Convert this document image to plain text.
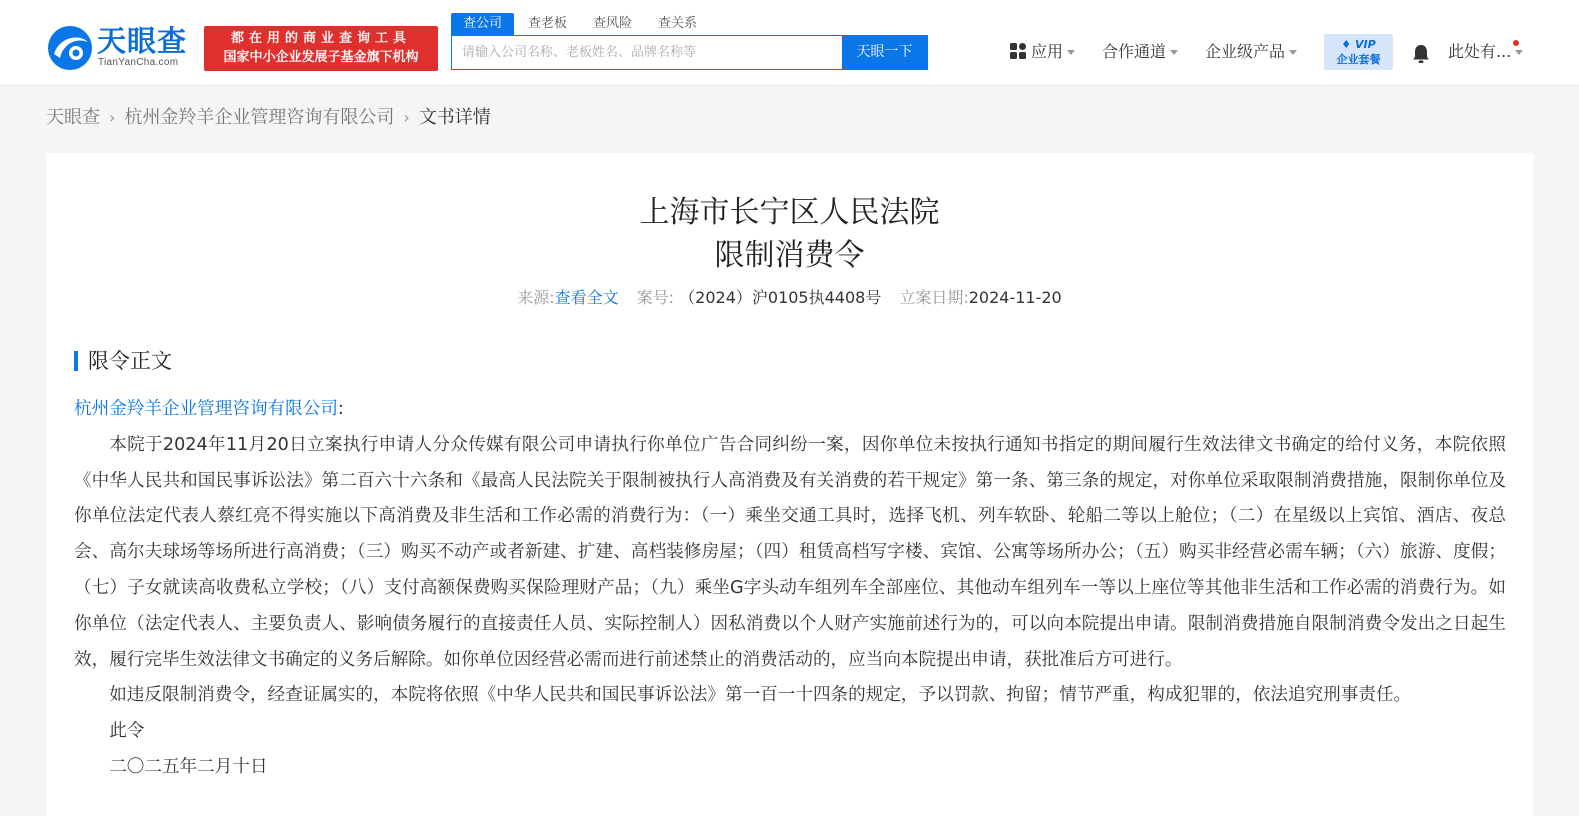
天眼查
TianYanCha.com
都在用的商业查询工具
国家中小企业发展子基金旗下机构
查公司	查老板 查风险 查关系
请输入公司名称、老板姓名、品牌名称等
天眼一下	应用	合作通道	企业级产品	♦ VIP
企业套餐	此处有...
天眼查 › 杭州金羚羊企业管理咨询有限公司 › 文书详情
上海市长宁区人民法院
限制消费令
来源:查看全文 案号: （2024）沪0105执4408号 立案日期:2024-11-20
限令正文

杭州金羚羊企业管理咨询有限公司:

本院于2024年11月20日立案执行申请人分众传媒有限公司申请执行你单位广告合同纠纷一案，因你单位未按执行通知书指定的期间履行生效法律文书确定的给付义务，本院依照《中华人民共和国民事诉讼法》第二百六十六条和《最高人民法院关于限制被执行人高消费及有关消费的若干规定》第一条、第三条的规定，对你单位采取限制消费措施，限制你单位及你单位法定代表人蔡红亮不得实施以下高消费及非生活和工作必需的消费行为：（一）乘坐交通工具时，选择飞机、列车软卧、轮船二等以上舱位；（二）在星级以上宾馆、酒店、夜总会、高尔夫球场等场所进行高消费；（三）购买不动产或者新建、扩建、高档装修房屋；（四）租赁高档写字楼、宾馆、公寓等场所办公；（五）购买非经营必需车辆；（六）旅游、度假；（七）子女就读高收费私立学校；（八）支付高额保费购买保险理财产品；（九）乘坐G字头动车组列车全部座位、其他动车组列车一等以上座位等其他非生活和工作必需的消费行为。如你单位（法定代表人、主要负责人、影响债务履行的直接责任人员、实际控制人）因私消费以个人财产实施前述行为的，可以向本院提出申请。限制消费措施自限制消费令发出之日起生效，履行完毕生效法律文书确定的义务后解除。如你单位因经营必需而进行前述禁止的消费活动的，应当向本院提出申请，获批准后方可进行。

如违反限制消费令，经查证属实的，本院将依照《中华人民共和国民事诉讼法》第一百一十四条的规定，予以罚款、拘留；情节严重，构成犯罪的，依法追究刑事责任。

此令

二〇二五年二月十日
